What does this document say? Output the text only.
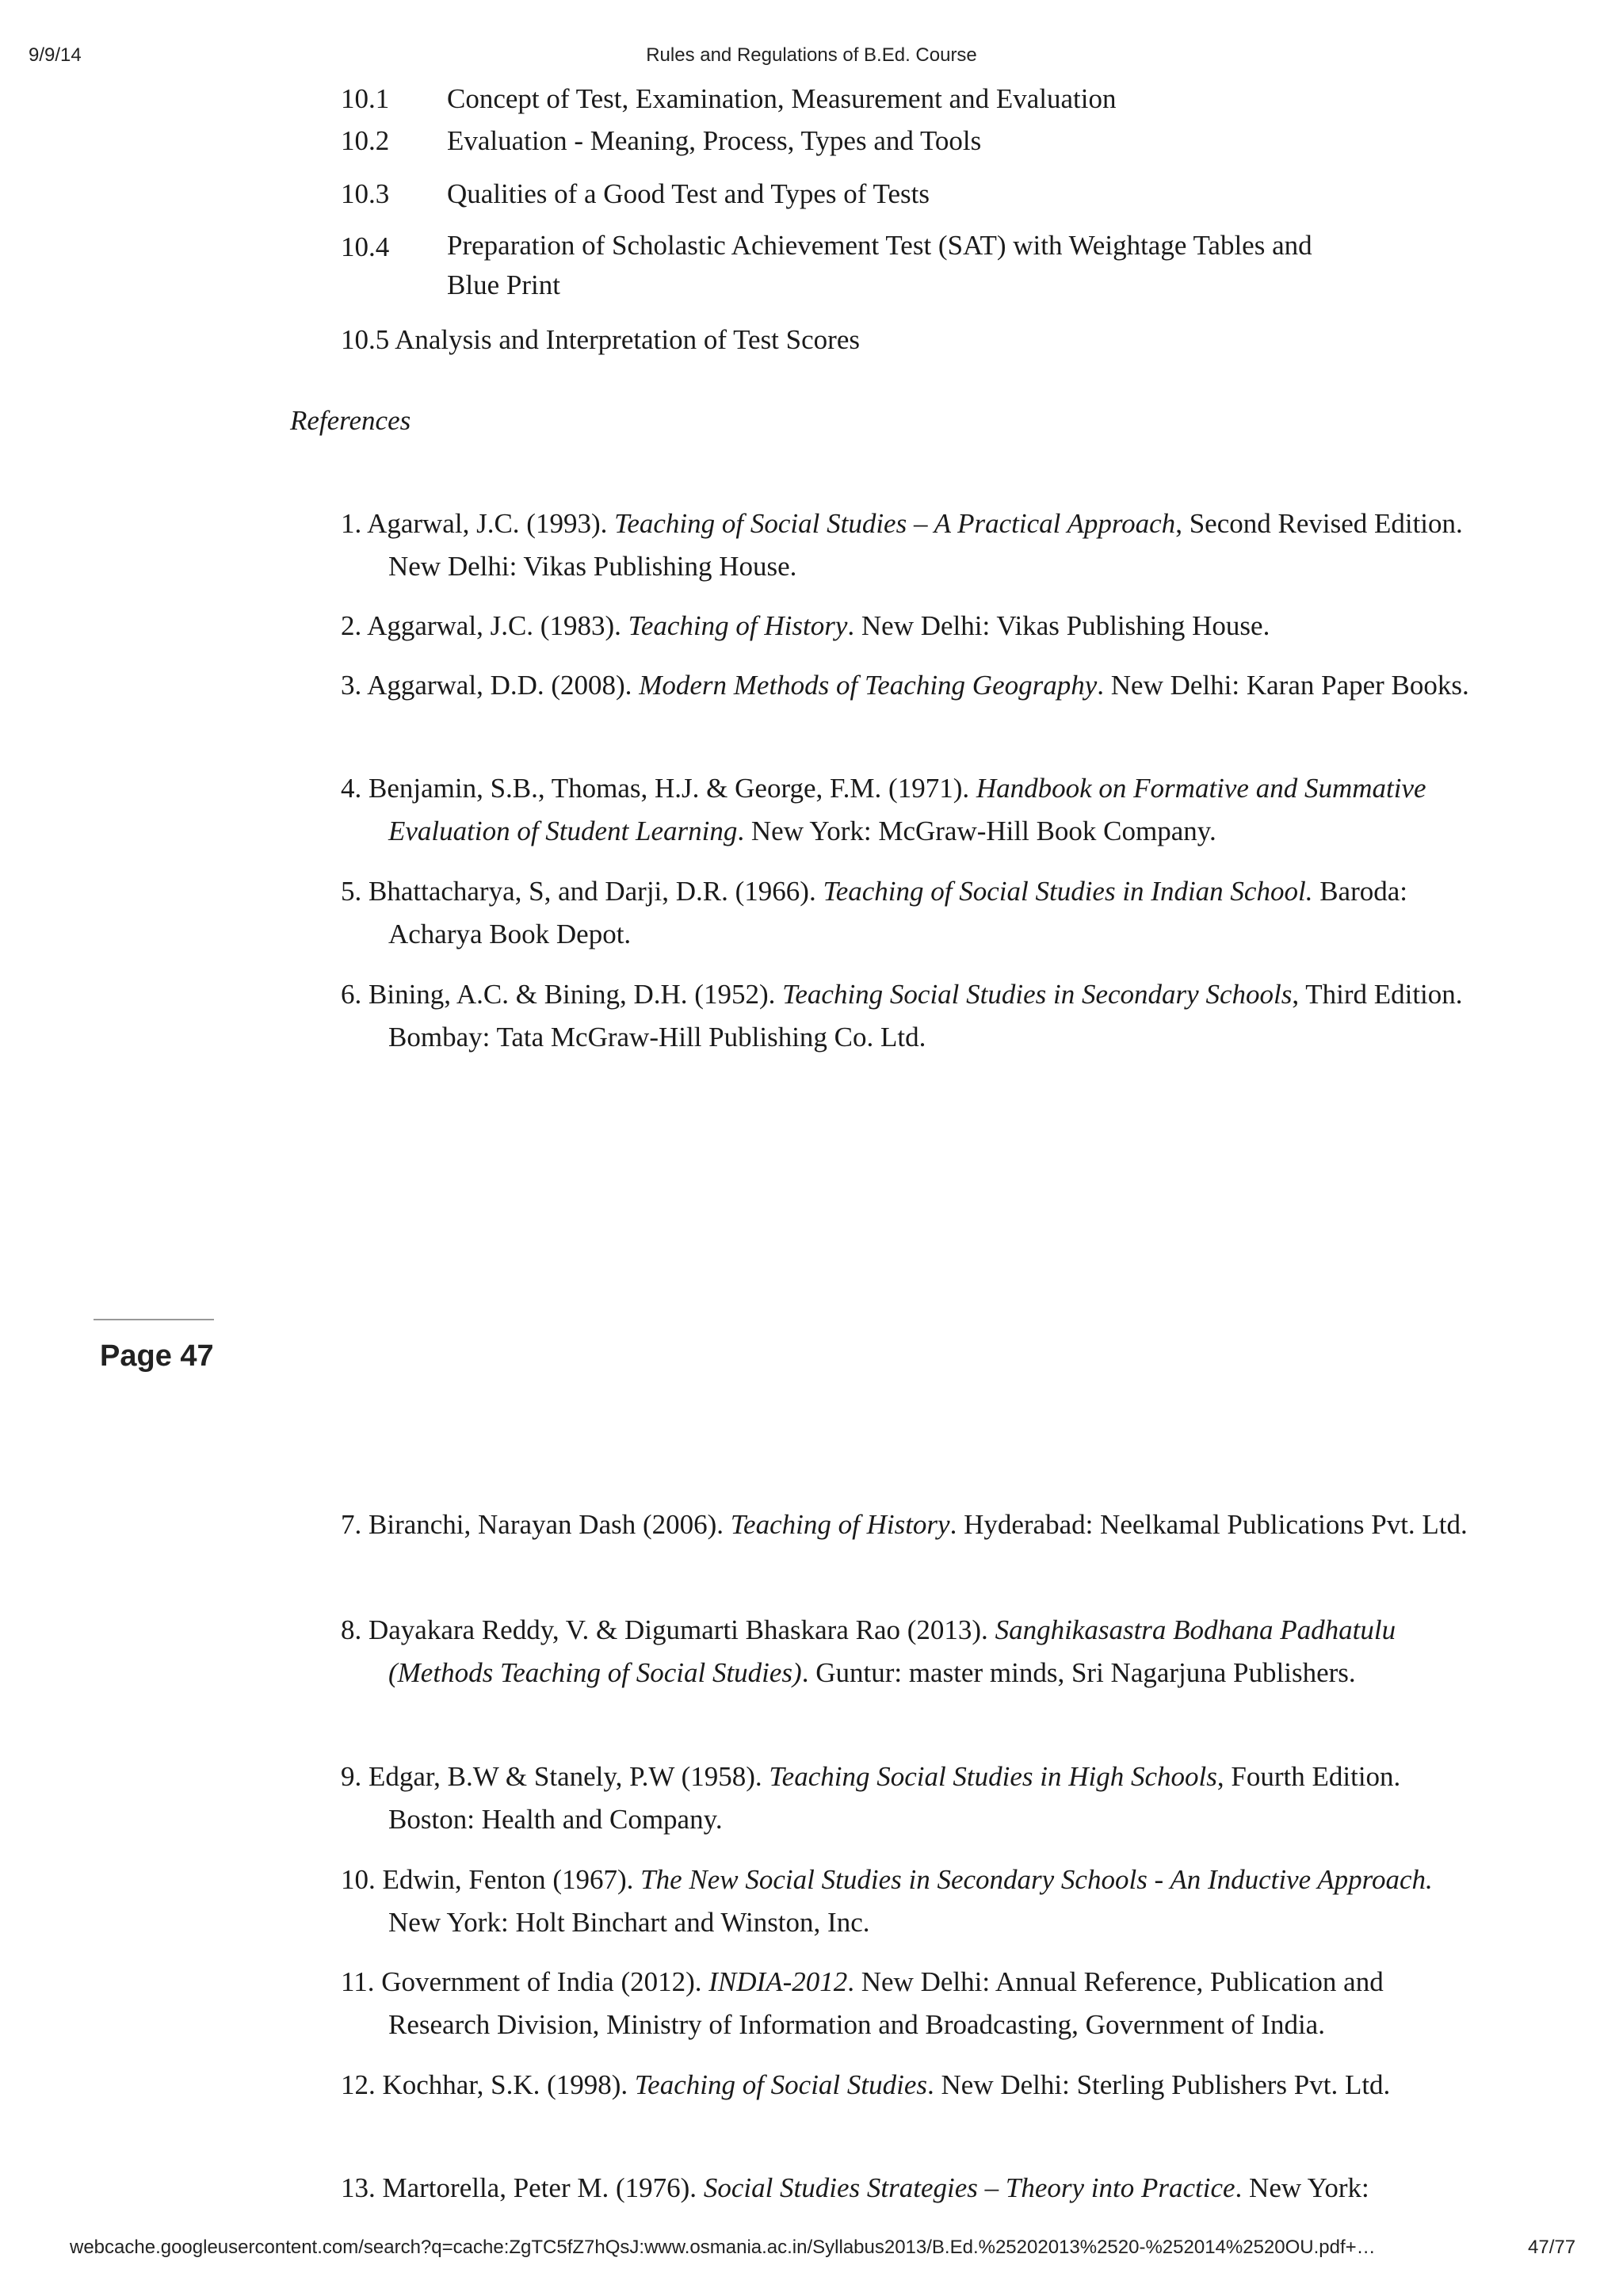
9/9/14	Rules and Regulations of B.Ed. Course
10.1 Concept of Test, Examination, Measurement and Evaluation
10.2 Evaluation - Meaning, Process, Types and Tools
10.3 Qualities of a Good Test and Types of Tests
10.4 Preparation of Scholastic Achievement Test (SAT) with Weightage Tables and Blue Print
10.5 Analysis and Interpretation of Test Scores
References
1. Agarwal, J.C. (1993). Teaching of Social Studies – A Practical Approach, Second Revised Edition. New Delhi: Vikas Publishing House.
2. Aggarwal, J.C. (1983). Teaching of History. New Delhi: Vikas Publishing House.
3. Aggarwal, D.D. (2008). Modern Methods of Teaching Geography. New Delhi: Karan Paper Books.
4. Benjamin, S.B., Thomas, H.J. & George, F.M. (1971). Handbook on Formative and Summative Evaluation of Student Learning. New York: McGraw-Hill Book Company.
5. Bhattacharya, S, and Darji, D.R. (1966). Teaching of Social Studies in Indian School. Baroda: Acharya Book Depot.
6. Bining, A.C. & Bining, D.H. (1952). Teaching Social Studies in Secondary Schools, Third Edition. Bombay: Tata McGraw-Hill Publishing Co. Ltd.
Page 47
7. Biranchi, Narayan Dash (2006). Teaching of History. Hyderabad: Neelkamal Publications Pvt. Ltd.
8. Dayakara Reddy, V. & Digumarti Bhaskara Rao (2013). Sanghikasastra Bodhana Padhatulu (Methods Teaching of Social Studies). Guntur: master minds, Sri Nagarjuna Publishers.
9. Edgar, B.W & Stanely, P.W (1958). Teaching Social Studies in High Schools, Fourth Edition. Boston: Health and Company.
10. Edwin, Fenton (1967). The New Social Studies in Secondary Schools - An Inductive Approach. New York: Holt Binchart and Winston, Inc.
11. Government of India (2012). INDIA-2012. New Delhi: Annual Reference, Publication and Research Division, Ministry of Information and Broadcasting, Government of India.
12. Kochhar, S.K. (1998). Teaching of Social Studies. New Delhi: Sterling Publishers Pvt. Ltd.
13. Martorella, Peter M. (1976). Social Studies Strategies – Theory into Practice. New York:
webcache.googleusercontent.com/search?q=cache:ZgTC5fZ7hQsJ:www.osmania.ac.in/Syllabus2013/B.Ed.%25202013%2520-%252014%2520OU.pdf+…	47/77
